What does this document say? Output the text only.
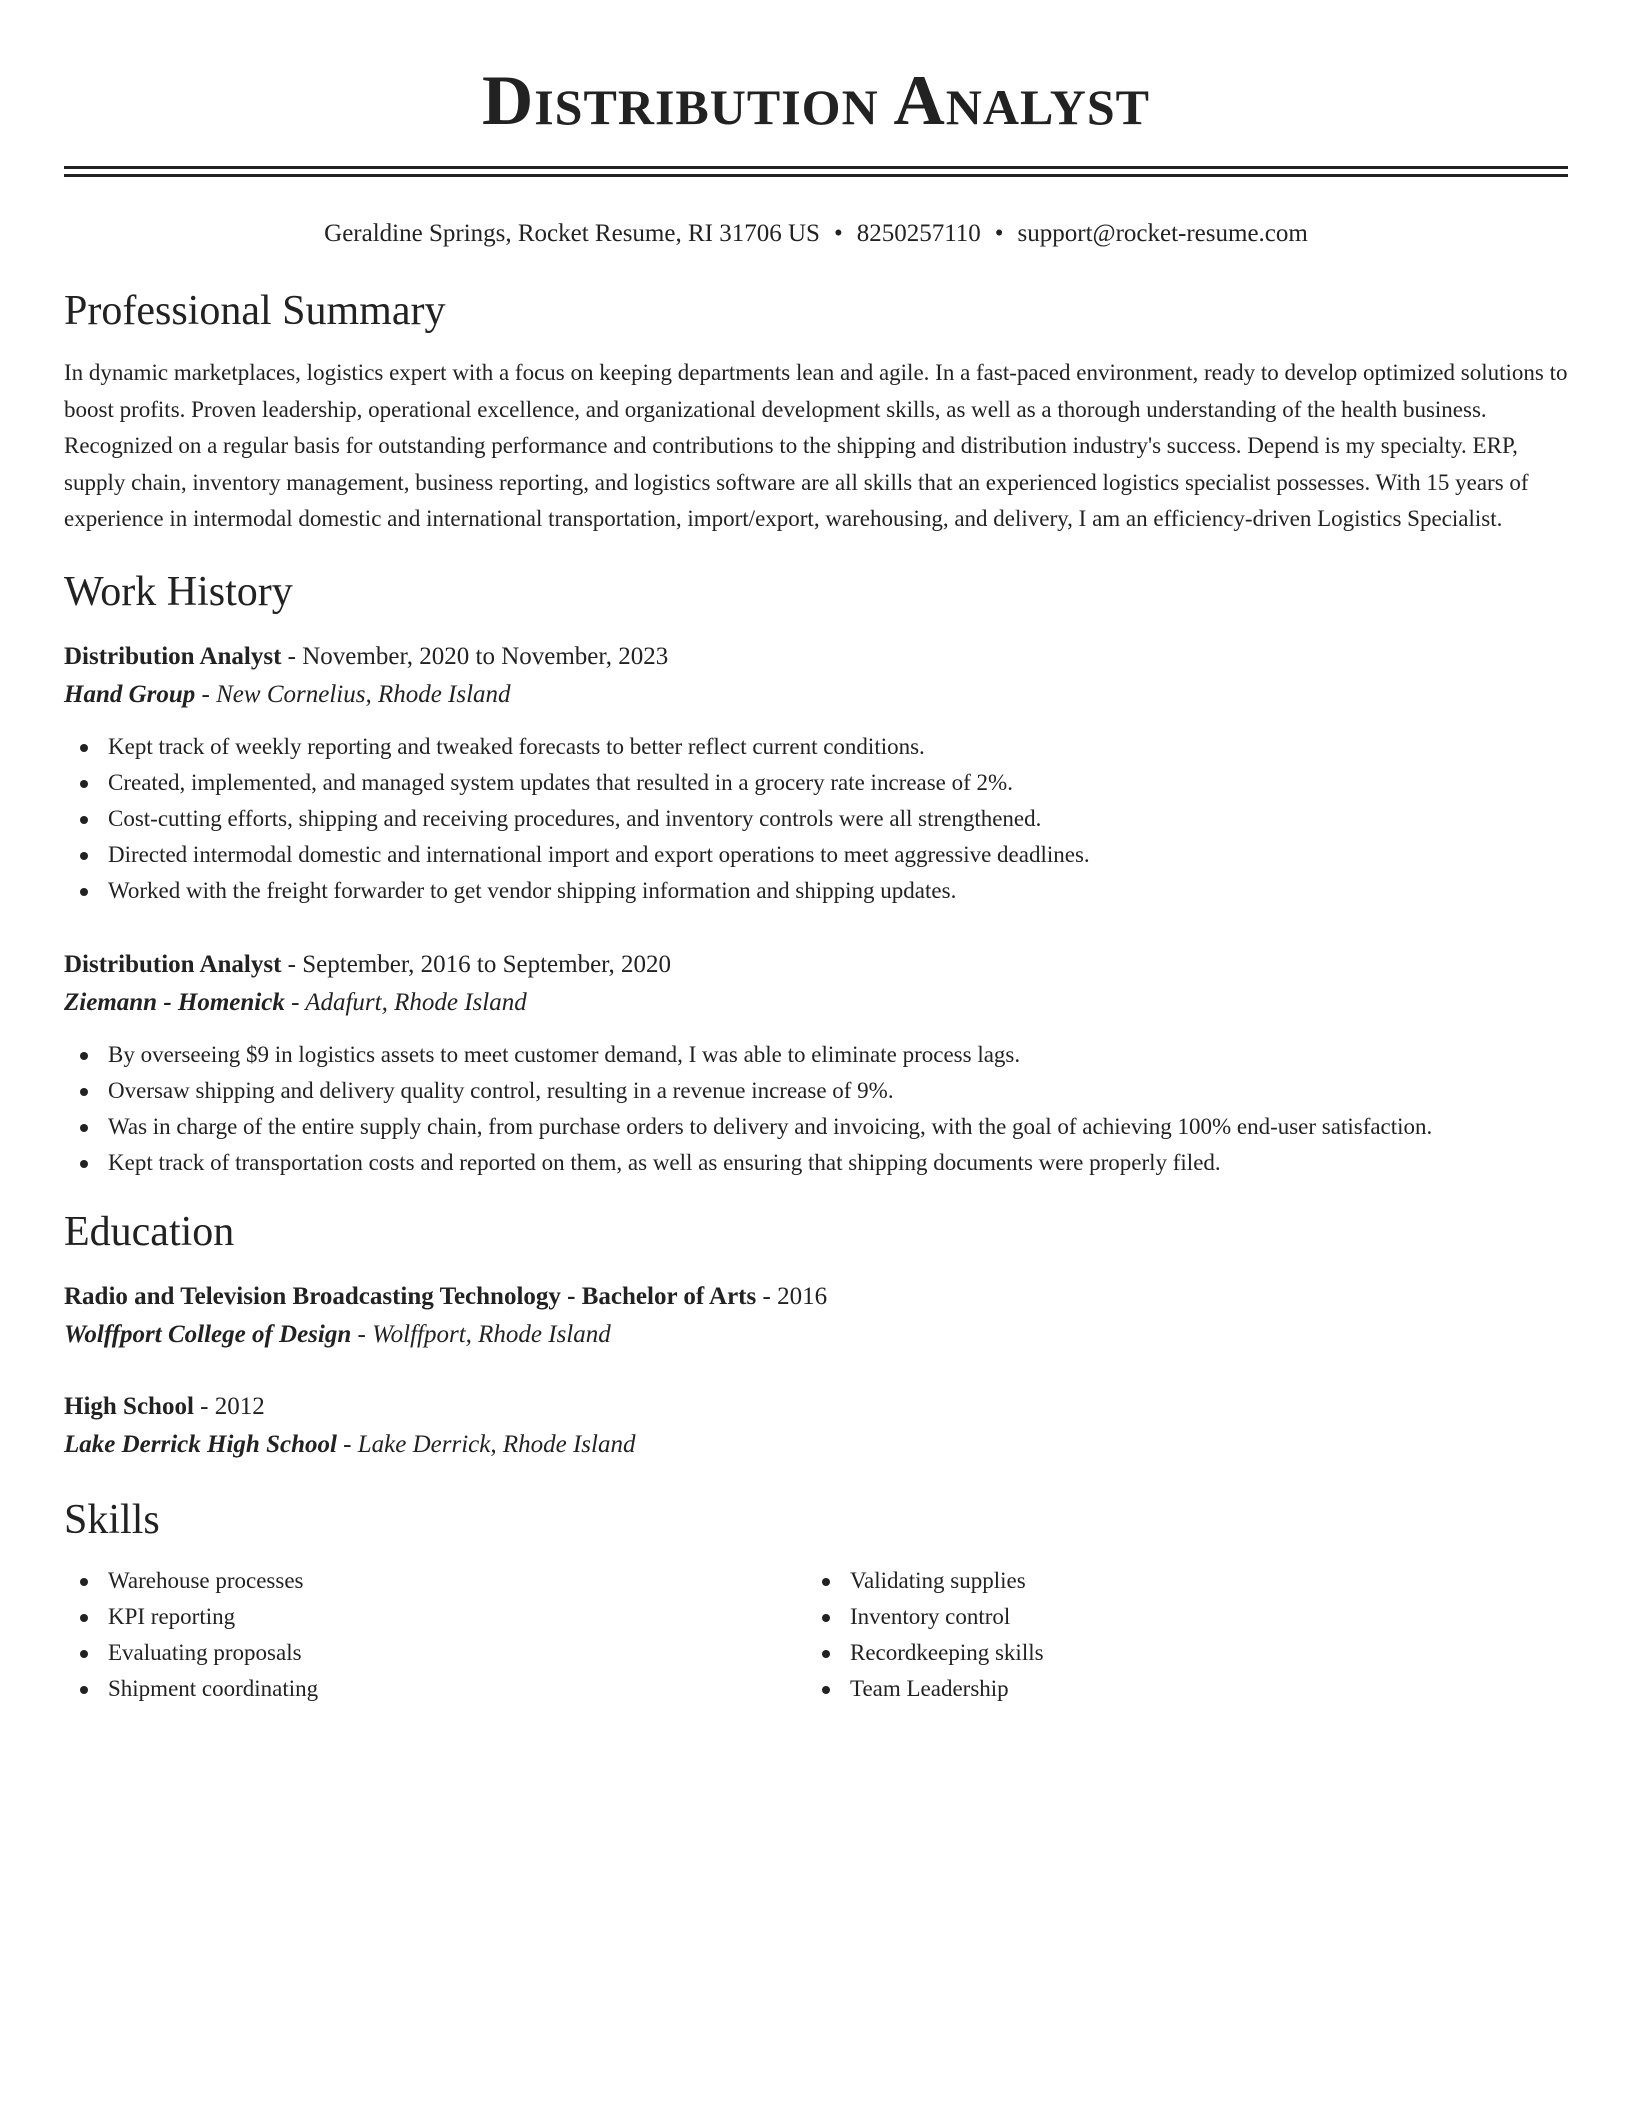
Distribution Analyst
Geraldine Springs, Rocket Resume, RI 31706 US • 8250257110 • support@rocket-resume.com
Professional Summary

In dynamic marketplaces, logistics expert with a focus on keeping departments lean and agile. In a fast-paced environment, ready to develop optimized solutions to boost profits. Proven leadership, operational excellence, and organizational development skills, as well as a thorough understanding of the health business. Recognized on a regular basis for outstanding performance and contributions to the shipping and distribution industry's success. Depend is my specialty. ERP, supply chain, inventory management, business reporting, and logistics software are all skills that an experienced logistics specialist possesses. With 15 years of experience in intermodal domestic and international transportation, import/export, warehousing, and delivery, I am an efficiency-driven Logistics Specialist.

Work History
Distribution Analyst - November, 2020 to November, 2023
Hand Group - New Cornelius, Rhode Island
Kept track of weekly reporting and tweaked forecasts to better reflect current conditions.
Created, implemented, and managed system updates that resulted in a grocery rate increase of 2%.
Cost-cutting efforts, shipping and receiving procedures, and inventory controls were all strengthened.
Directed intermodal domestic and international import and export operations to meet aggressive deadlines.
Worked with the freight forwarder to get vendor shipping information and shipping updates.
Distribution Analyst - September, 2016 to September, 2020
Ziemann - Homenick - Adafurt, Rhode Island
By overseeing $9 in logistics assets to meet customer demand, I was able to eliminate process lags.
Oversaw shipping and delivery quality control, resulting in a revenue increase of 9%.
Was in charge of the entire supply chain, from purchase orders to delivery and invoicing, with the goal of achieving 100% end-user satisfaction.
Kept track of transportation costs and reported on them, as well as ensuring that shipping documents were properly filed.
Education
Radio and Television Broadcasting Technology - Bachelor of Arts - 2016
Wolffport College of Design - Wolffport, Rhode Island
High School - 2012
Lake Derrick High School - Lake Derrick, Rhode Island
Skills
Warehouse processes
KPI reporting
Evaluating proposals
Shipment coordinating
Validating supplies
Inventory control
Recordkeeping skills
Team Leadership
